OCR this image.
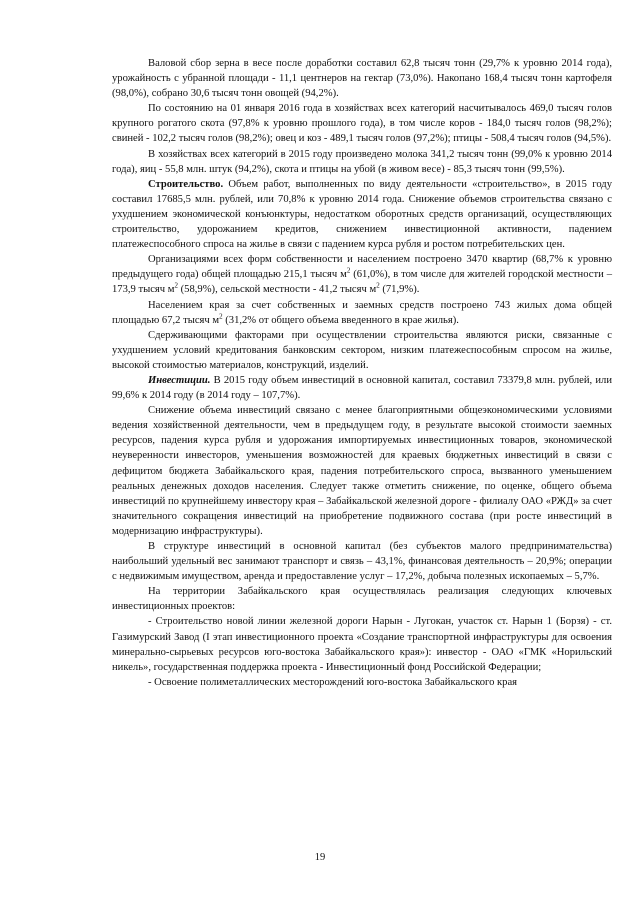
Валовой сбор зерна в весе после доработки составил 62,8 тысяч тонн (29,7% к уровню 2014 года), урожайность с убранной площади - 11,1 центнеров на гектар (73,0%). Накопано 168,4 тысяч тонн картофеля (98,0%), собрано 30,6 тысяч тонн овощей (94,2%).

По состоянию на 01 января 2016 года в хозяйствах всех категорий насчитывалось 469,0 тысяч голов крупного рогатого скота (97,8% к уровню прошлого года), в том числе коров - 184,0 тысяч голов (98,2%); свиней - 102,2 тысяч голов (98,2%); овец и коз - 489,1 тысяч голов (97,2%); птицы - 508,4 тысяч голов (94,5%).

В хозяйствах всех категорий в 2015 году произведено молока 341,2 тысяч тонн (99,0% к уровню 2014 года), яиц - 55,8 млн. штук (94,2%), скота и птицы на убой (в живом весе) - 85,3 тысяч тонн (99,5%).

Строительство. Объем работ, выполненных по виду деятельности «строительство», в 2015 году составил 17685,5 млн. рублей, или 70,8% к уровню 2014 года. Снижение объемов строительства связано с ухудшением экономической конъюнктуры, недостатком оборотных средств организаций, осуществляющих строительство, удорожанием кредитов, снижением инвестиционной активности, падением платежеспособного спроса на жилье в связи с падением курса рубля и ростом потребительских цен.

Организациями всех форм собственности и населением построено 3470 квартир (68,7% к уровню предыдущего года) общей площадью 215,1 тысяч $м^2$ (61,0%), в том числе для жителей городской местности – 173,9 тысяч $м^2$ (58,9%), сельской местности - 41,2 тысяч $м^2$ (71,9%).

Населением края за счет собственных и заемных средств построено 743 жилых дома общей площадью 67,2 тысяч $м^2$ (31,2% от общего объема введенного в крае жилья).

Сдерживающими факторами при осуществлении строительства являются риски, связанные с ухудшением условий кредитования банковским сектором, низким платежеспособным спросом на жилье, высокой стоимостью материалов, конструкций, изделий.

Инвестиции. В 2015 году объем инвестиций в основной капитал, составил 73379,8 млн. рублей, или 99,6% к 2014 году (в 2014 году – 107,7%).

Снижение объема инвестиций связано с менее благоприятными общеэкономическими условиями ведения хозяйственной деятельности, чем в предыдущем году, в результате высокой стоимости заемных ресурсов, падения курса рубля и удорожания импортируемых инвестиционных товаров, экономической неуверенности инвесторов, уменьшения возможностей для краевых бюджетных инвестиций в связи с дефицитом бюджета Забайкальского края, падения потребительского спроса, вызванного уменьшением реальных денежных доходов населения. Следует также отметить снижение, по оценке, общего объема инвестиций по крупнейшему инвестору края – Забайкальской железной дороге - филиалу ОАО «РЖД» за счет значительного сокращения инвестиций на приобретение подвижного состава (при росте инвестиций в модернизацию инфраструктуры).

В структуре инвестиций в основной капитал (без субъектов малого предпринимательства) наибольший удельный вес занимают транспорт и связь – 43,1%, финансовая деятельность – 20,9%; операции с недвижимым имуществом, аренда и предоставление услуг – 17,2%, добыча полезных ископаемых – 5,7%.

На территории Забайкальского края осуществлялась реализация следующих ключевых инвестиционных проектов:

- Строительство новой линии железной дороги Нарын - Лугокан, участок ст. Нарын 1 (Борзя) - ст. Газимурский Завод (I этап инвестиционного проекта «Создание транспортной инфраструктуры для освоения минерально-сырьевых ресурсов юго-востока Забайкальского края»): инвестор - ОАО «ГМК «Норильский никель», государственная поддержка проекта - Инвестиционный фонд Российской Федерации;

- Освоение полиметаллических месторождений юго-востока Забайкальского края

19
